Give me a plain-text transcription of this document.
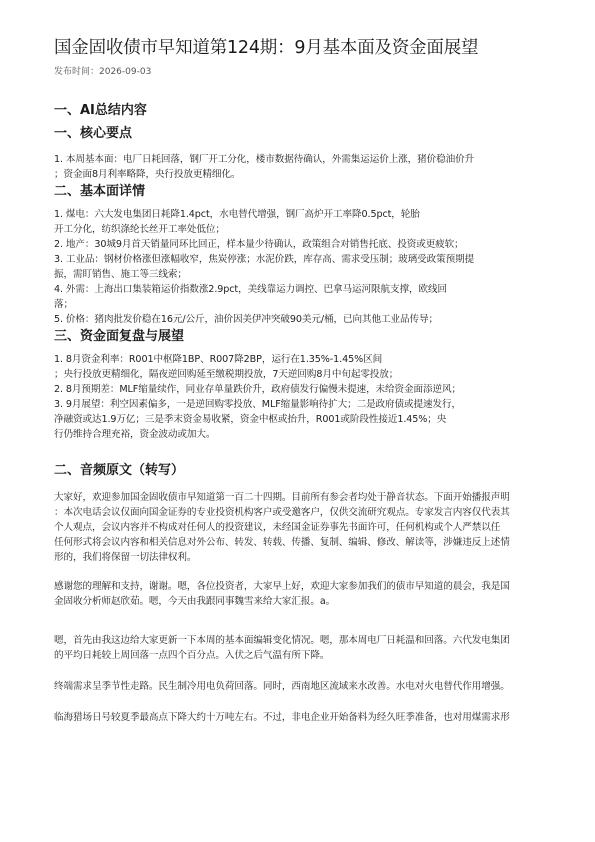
国金固收债市早知道第124期：9月基本面及资金面展望
发布时间：2026-09-03
一、AI总结内容
一、核心要点

1. 本周基本面：电厂日耗回落，钢厂开工分化，楼市数据待确认，外需集运运价上涨，猪价稳油价升

；资金面8月利率略降，央行投放更精细化。

二、基本面详情

1. 煤电：六大发电集团日耗降1.4pct，水电替代增强，钢厂高炉开工率降0.5pct，轮胎

开工分化，纺织涤纶长丝开工率处低位；

2. 地产：30城9月首天销量同环比回正，样本量少待确认，政策组合对销售托底、投资或更疲软；

3. 工业品：钢材价格涨但涨幅收窄，焦炭停涨；水泥价跌，库存高、需求受压制；玻璃受政策预期提

振，需盯销售、施工等三线索；

4. 外需：上海出口集装箱运价指数涨2.9pct，美线靠运力调控、巴拿马运河限航支撑，欧线回

落；

5. 价格：猪肉批发价稳在16元/公斤，油价因美伊冲突破90美元/桶，已向其他工业品传导；

三、资金面复盘与展望

1. 8月资金利率：R001中枢降1BP、R007降2BP，运行在1.35%-1.45%区间

；央行投放更精细化，隔夜逆回购延至缴税期投放，7天逆回购8月中旬起零投放；

2. 8月预期差：MLF缩量续作，同业存单量跌价升，政府债发行偏慢未提速，未给资金面添逆风；

3. 9月展望：利空因素偏多，一是逆回购零投放、MLF缩量影响待扩大；二是政府债或提速发行，

净融资或达1.9万亿；三是季末资金易收紧，资金中枢或抬升，R001或阶段性接近1.45%；央

行仍维持合理充裕，资金波动或加大。

二、音频原文（转写）

大家好，欢迎参加国金固收债市早知道第一百二十四期。目前所有参会者均处于静音状态。下面开始播报声明

：本次电话会议仅面向国金证券的专业投资机构客户或受邀客户，仅供交流研究观点。专家发言内容仅代表其

个人观点，会议内容并不构成对任何人的投资建议，未经国金证券事先书面许可，任何机构或个人严禁以任

任何形式将会议内容和相关信息对外公布、转发、转载、传播、复制、编辑、修改、解读等，涉嫌违反上述情

形的，我们将保留一切法律权利。

感谢您的理解和支持，谢谢。嗯，各位投资者，大家早上好，欢迎大家参加我们的债市早知道的晨会，我是国

金固收分析师赵欣茹。嗯，今天由我跟同事魏雪来给大家汇报。a。

嗯，首先由我这边给大家更新一下本周的基本面编辑变化情况。嗯，那本周电厂日耗温和回落。六代发电集团

的平均日耗较上周回落一点四个百分点。入伏之后气温有所下降。

终端需求呈季节性走路。民生制冷用电负荷回落。同时，西南地区流域来水改善。水电对火电替代作用增强。

临海猎场日号较夏季最高点下降大约十万吨左右。不过，非电企业开始备料为经久旺季准备，也对用煤需求形
